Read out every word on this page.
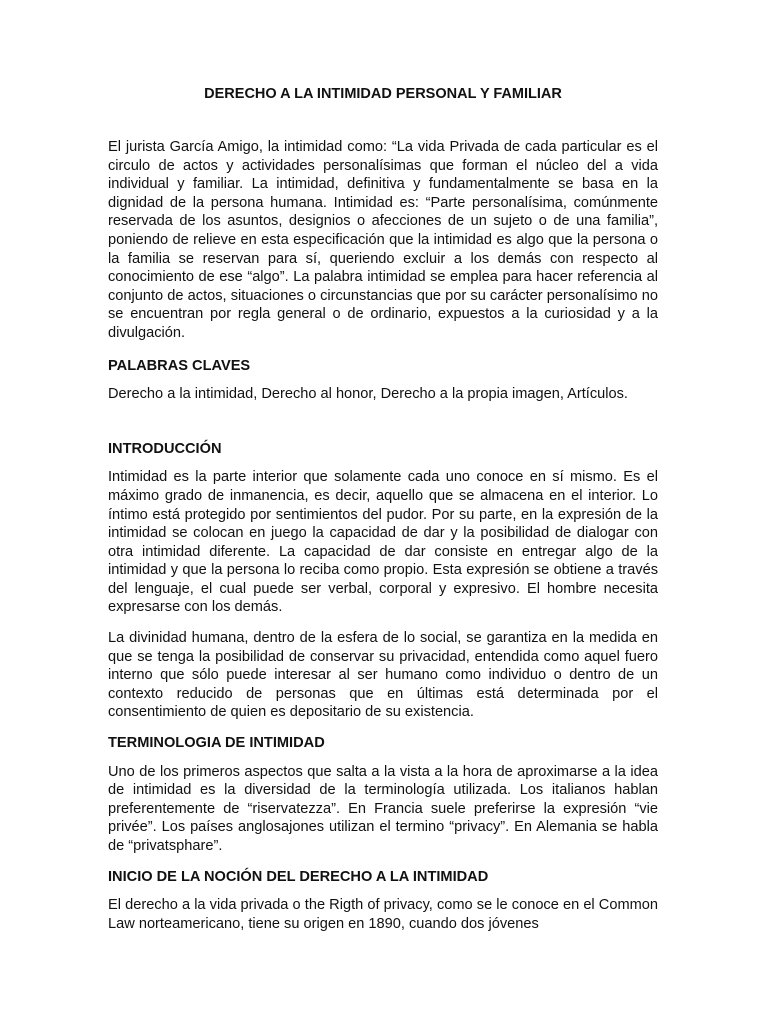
DERECHO A LA INTIMIDAD PERSONAL Y FAMILIAR

El jurista García Amigo, la intimidad como: “La vida Privada de cada particular es el circulo de actos y actividades personalísimas que forman el núcleo del a vida individual y familiar. La intimidad, definitiva y fundamentalmente se basa en la dignidad de la persona humana. Intimidad es: “Parte personalísima, comúnmente reservada de los asuntos, designios o afecciones de un sujeto o de una familia”, poniendo de relieve en esta especificación que la intimidad es algo que la persona o la familia se reservan para sí, queriendo excluir a los demás con respecto al conocimiento de ese “algo”. La palabra intimidad se emplea para hacer referencia al conjunto de actos, situaciones o circunstancias que por su carácter personalísimo no se encuentran por regla general o de ordinario, expuestos a la curiosidad y a la divulgación.

PALABRAS CLAVES

Derecho a la intimidad, Derecho al honor, Derecho a la propia imagen, Artículos.

INTRODUCCIÓN

Intimidad es la parte interior que solamente cada uno conoce en sí mismo. Es el máximo grado de inmanencia, es decir, aquello que se almacena en el interior. Lo íntimo está protegido por sentimientos del pudor. Por su parte, en la expresión de la intimidad se colocan en juego la capacidad de dar y la posibilidad de dialogar con otra intimidad diferente. La capacidad de dar consiste en entregar algo de la intimidad y que la persona lo reciba como propio. Esta expresión se obtiene a través del lenguaje, el cual puede ser verbal, corporal y expresivo. El hombre necesita expresarse con los demás.

La divinidad humana, dentro de la esfera de lo social, se garantiza en la medida en que se tenga la posibilidad de conservar su privacidad, entendida como aquel fuero interno que sólo puede interesar al ser humano como individuo o dentro de un contexto reducido de personas que en últimas está determinada por el consentimiento de quien es depositario de su existencia.

TERMINOLOGIA DE INTIMIDAD

Uno de los primeros aspectos que salta a la vista a la hora de aproximarse a la idea de intimidad es la diversidad de la terminología utilizada. Los italianos hablan preferentemente de “riservatezza”. En Francia suele preferirse la expresión “vie privée”. Los países anglosajones utilizan el termino “privacy”. En Alemania se habla de “privatsphare”.

INICIO DE LA NOCIÓN DEL DERECHO A LA INTIMIDAD

El derecho a la vida privada o the Rigth of privacy, como se le conoce en el Common Law norteamericano, tiene su origen en 1890, cuando dos jóvenes
